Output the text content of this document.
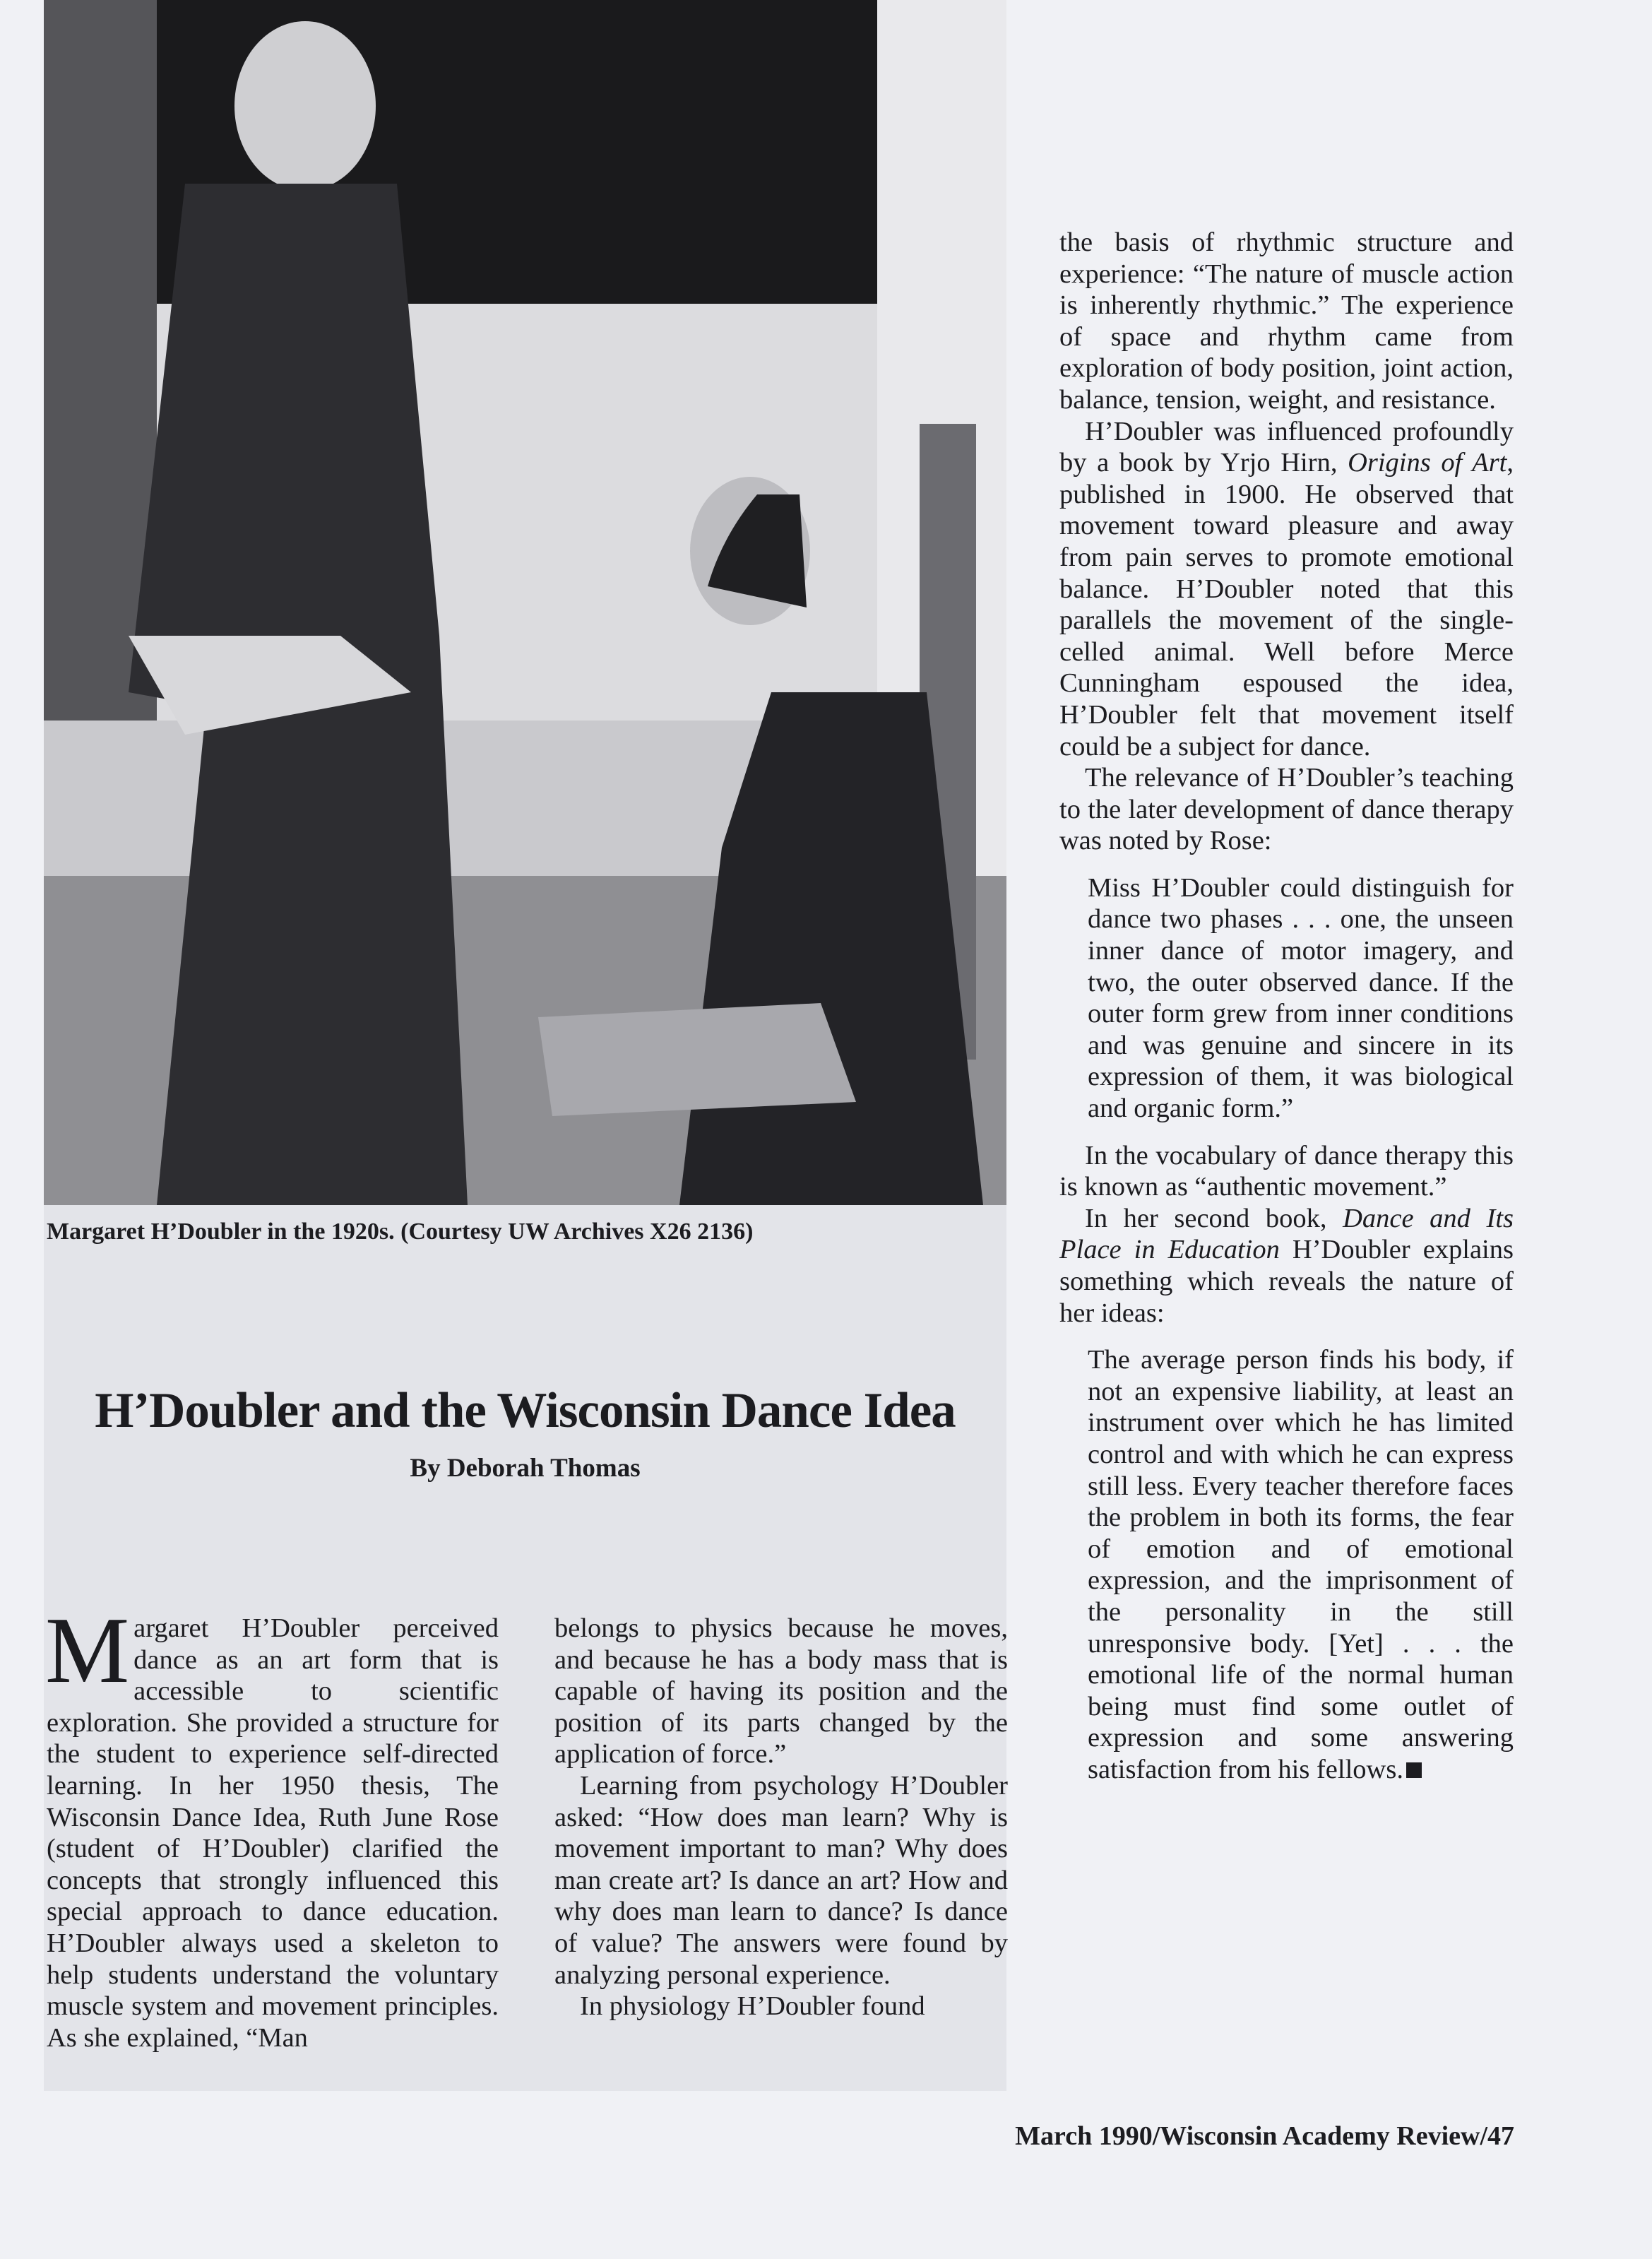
Margaret H’Doubler in the 1920s. (Courtesy UW Archives X26 2136)
H’Doubler and the Wisconsin Dance Idea
By Deborah Thomas

Margaret H’Doubler perceived dance as an art form that is accessible to scientific exploration. She provided a structure for the student to experience self-directed learning. In her 1950 thesis, The Wisconsin Dance Idea, Ruth June Rose (student of H’Doubler) clarified the concepts that strongly influenced this special approach to dance education. H’Doubler always used a skeleton to help students understand the voluntary muscle system and movement principles. As she explained, “Man

belongs to physics because he moves, and because he has a body mass that is capable of having its position and the position of its parts changed by the application of force.”

Learning from psychology H’Doubler asked: “How does man learn? Why is movement important to man? Why does man create art? Is dance an art? How and why does man learn to dance? Is dance of value? The answers were found by analyzing personal experience.

In physiology H’Doubler found

the basis of rhythmic structure and experience: “The nature of muscle action is inherently rhythmic.” The experience of space and rhythm came from exploration of body position, joint action, balance, tension, weight, and resistance.

H’Doubler was influenced profoundly by a book by Yrjo Hirn, Origins of Art, published in 1900. He observed that movement toward pleasure and away from pain serves to promote emotional balance. H’Doubler noted that this parallels the movement of the single-celled animal. Well before Merce Cunningham espoused the idea, H’Doubler felt that movement itself could be a subject for dance.

The relevance of H’Doubler’s teaching to the later development of dance therapy was noted by Rose:

Miss H’Doubler could distinguish for dance two phases . . . one, the unseen inner dance of motor imagery, and two, the outer observed dance. If the outer form grew from inner conditions and was genuine and sincere in its expression of them, it was biological and organic form.”

In the vocabulary of dance therapy this is known as “authentic movement.”

In her second book, Dance and Its Place in Education H’Doubler explains something which reveals the nature of her ideas:

The average person finds his body, if not an expensive liability, at least an instrument over which he has limited control and with which he can express still less. Every teacher therefore faces the problem in both its forms, the fear of emotion and of emotional expression, and the imprisonment of the personality in the still unresponsive body. [Yet] . . . the emotional life of the normal human being must find some outlet of expression and some answering satisfaction from his fellows.

March 1990/Wisconsin Academy Review/47
